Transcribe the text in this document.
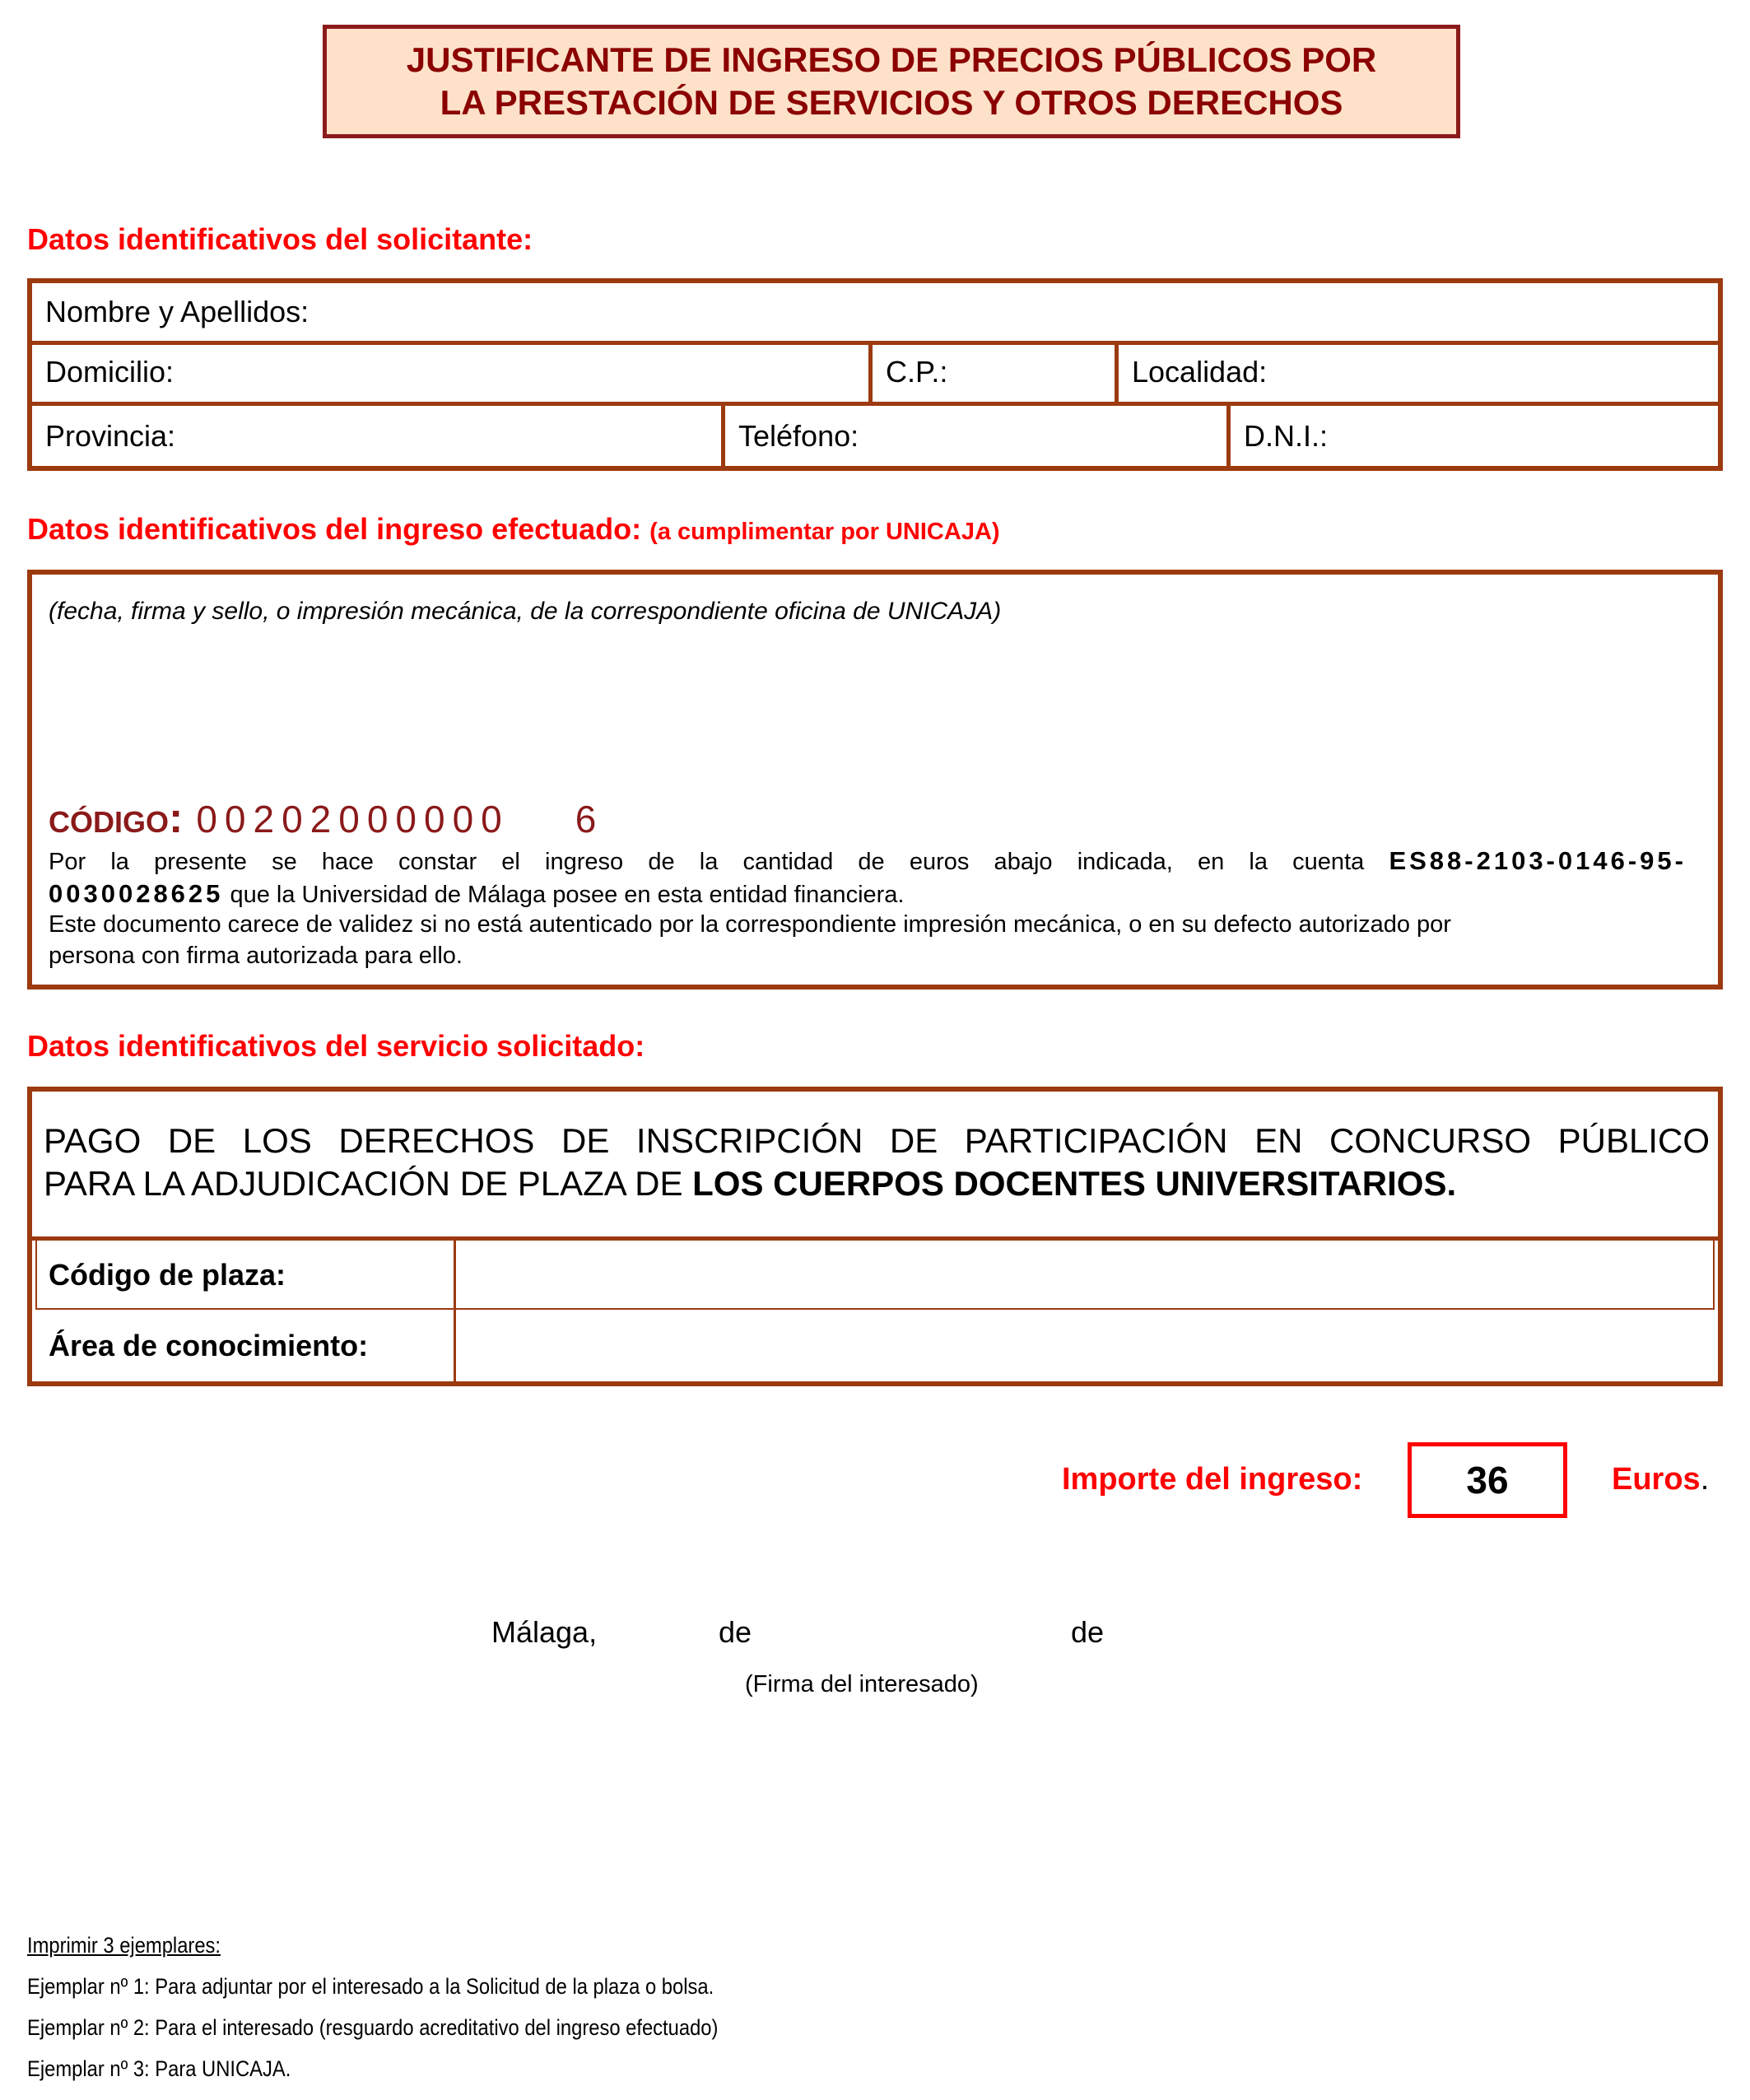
JUSTIFICANTE DE INGRESO DE PRECIOS PÚBLICOS POR
LA PRESTACIÓN DE SERVICIOS Y OTROS DERECHOS
Datos identificativos del solicitante:
Nombre y Apellidos:
Domicilio:	C.P.:	Localidad:
Provincia:	Teléfono:	D.N.I.:
Datos identificativos del ingreso efectuado: (a cumplimentar por UNICAJA)
(fecha, firma y sello, o impresión mecánica, de la correspondiente oficina de UNICAJA)
CÓDIGO: 00202000000 6
Por la presente se hace constar el ingreso de la cantidad de euros abajo indicada, en la cuenta ES88-2103-0146-95-
0030028625 que la Universidad de Málaga posee en esta entidad financiera.
Este documento carece de validez si no está autenticado por la correspondiente impresión mecánica, o en su defecto autorizado por
persona con firma autorizada para ello.
Datos identificativos del servicio solicitado:
PAGO DE LOS DERECHOS DE INSCRIPCIÓN DE PARTICIPACIÓN EN CONCURSO PÚBLICO
PARA LA ADJUDICACIÓN DE PLAZA DE LOS CUERPOS DOCENTES UNIVERSITARIOS.
Código de plaza:
Área de conocimiento:
Importe del ingreso:	36	Euros.
Málaga,	de	de
(Firma del interesado)
Imprimir 3 ejemplares:
Ejemplar nº 1: Para adjuntar por el interesado a la Solicitud de la plaza o bolsa.
Ejemplar nº 2: Para el interesado (resguardo acreditativo del ingreso efectuado)
Ejemplar nº 3: Para UNICAJA.
